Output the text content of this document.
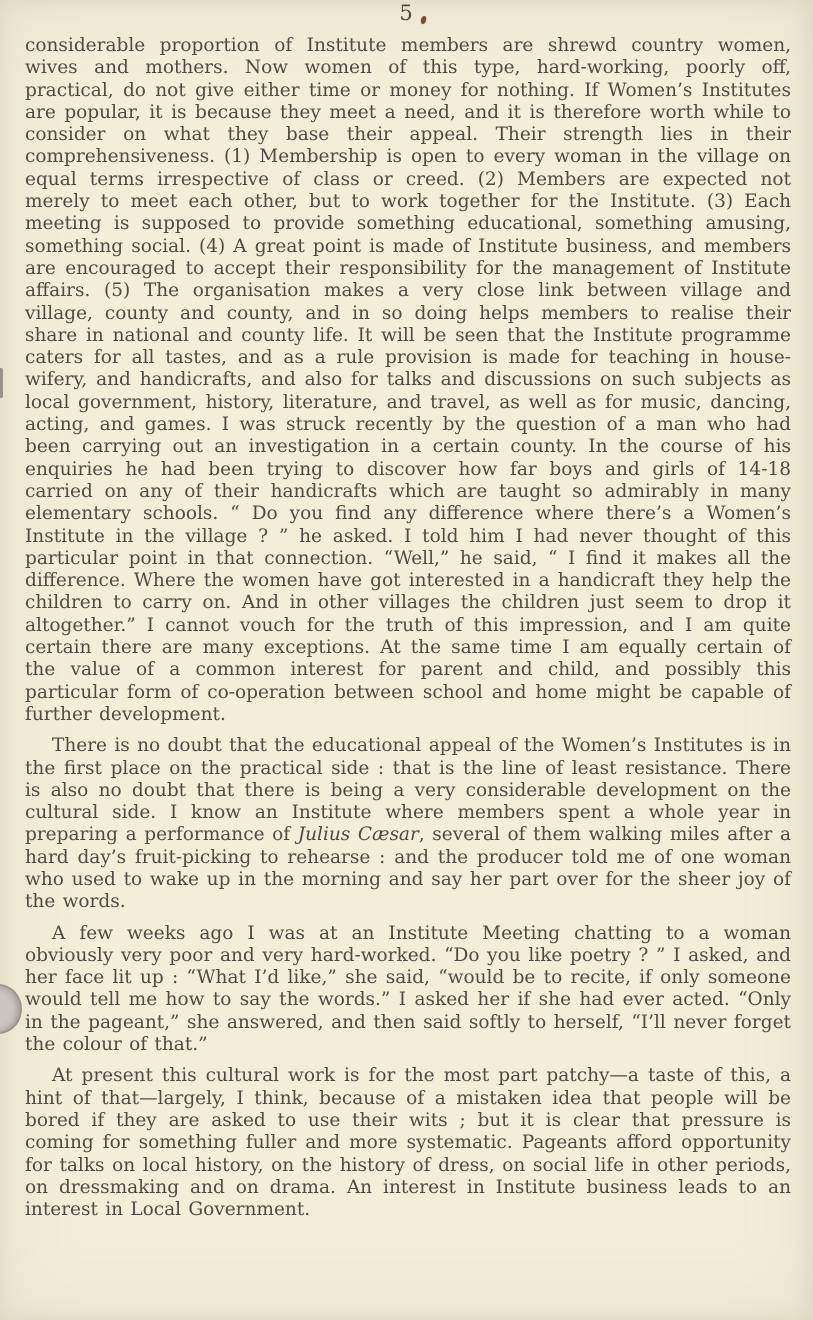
5

considerable proportion of Institute members are shrewd country women, wives and mothers. Now women of this type, hard-working, poorly off, practical, do not give either time or money for nothing. If Women’s Institutes are popular, it is because they meet a need, and it is therefore worth while to consider on what they base their appeal. Their strength lies in their comprehensiveness. (1) Membership is open to every woman in the village on equal terms irrespective of class or creed. (2) Members are expected not merely to meet each other, but to work together for the Institute. (3) Each meeting is supposed to provide something educational, something amusing, something social. (4) A great point is made of Institute business, and members are encouraged to accept their responsibility for the management of Institute affairs. (5) The organisation makes a very close link between village and village, county and county, and in so doing helps members to realise their share in national and county life. It will be seen that the Institute programme caters for all tastes, and as a rule provision is made for teaching in house-wifery, and handicrafts, and also for talks and discussions on such subjects as local government, history, literature, and travel, as well as for music, dancing, acting, and games. I was struck recently by the question of a man who had been carrying out an investigation in a certain county. In the course of his enquiries he had been trying to discover how far boys and girls of 14-18 carried on any of their handicrafts which are taught so admirably in many elementary schools. “ Do you find any difference where there’s a Women’s Institute in the village ? ” he asked. I told him I had never thought of this particular point in that connection. “Well,” he said, “ I find it makes all the difference. Where the women have got interested in a handicraft they help the children to carry on. And in other villages the children just seem to drop it altogether.” I cannot vouch for the truth of this impression, and I am quite certain there are many exceptions. At the same time I am equally certain of the value of a common interest for parent and child, and possibly this particular form of co-operation between school and home might be capable of further development.

There is no doubt that the educational appeal of the Women’s Institutes is in the first place on the practical side : that is the line of least resistance. There is also no doubt that there is being a very considerable development on the cultural side. I know an Institute where members spent a whole year in preparing a performance of Julius Cæsar, several of them walking miles after a hard day’s fruit-picking to rehearse : and the producer told me of one woman who used to wake up in the morning and say her part over for the sheer joy of the words.

A few weeks ago I was at an Institute Meeting chatting to a woman obviously very poor and very hard-worked. “Do you like poetry ? ” I asked, and her face lit up : “What I’d like,” she said, “would be to recite, if only someone would tell me how to say the words.” I asked her if she had ever acted. “Only in the pageant,” she answered, and then said softly to herself, “I’ll never forget the colour of that.”

At present this cultural work is for the most part patchy—a taste of this, a hint of that—largely, I think, because of a mistaken idea that people will be bored if they are asked to use their wits ; but it is clear that pressure is coming for something fuller and more systematic. Pageants afford opportunity for talks on local history, on the history of dress, on social life in other periods, on dressmaking and on drama. An interest in Institute business leads to an interest in Local Government.
